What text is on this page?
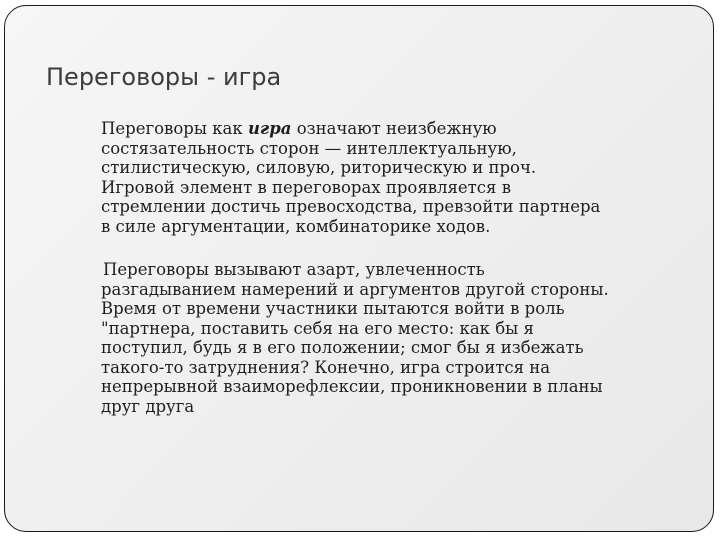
Переговоры - игра
Переговоры как игра означают неизбежную
состязательность сторон — интеллектуальную,
стилистическую, силовую, риторическую и проч.
Игровой элемент в переговорах проявляется в
стремлении достичь превосходства, превзойти партнера
в силе аргументации, комбинаторике ходов.
Переговоры вызывают азарт, увлеченность
разгадыванием намерений и аргументов другой стороны.
Время от времени участники пытаются войти в роль
"партнера, поставить себя на его место: как бы я
поступил, будь я в его положении; смог бы я избежать
такого-то затруднения? Конечно, игра строится на
непрерывной взаиморефлексии, проникновении в планы
друг друга
